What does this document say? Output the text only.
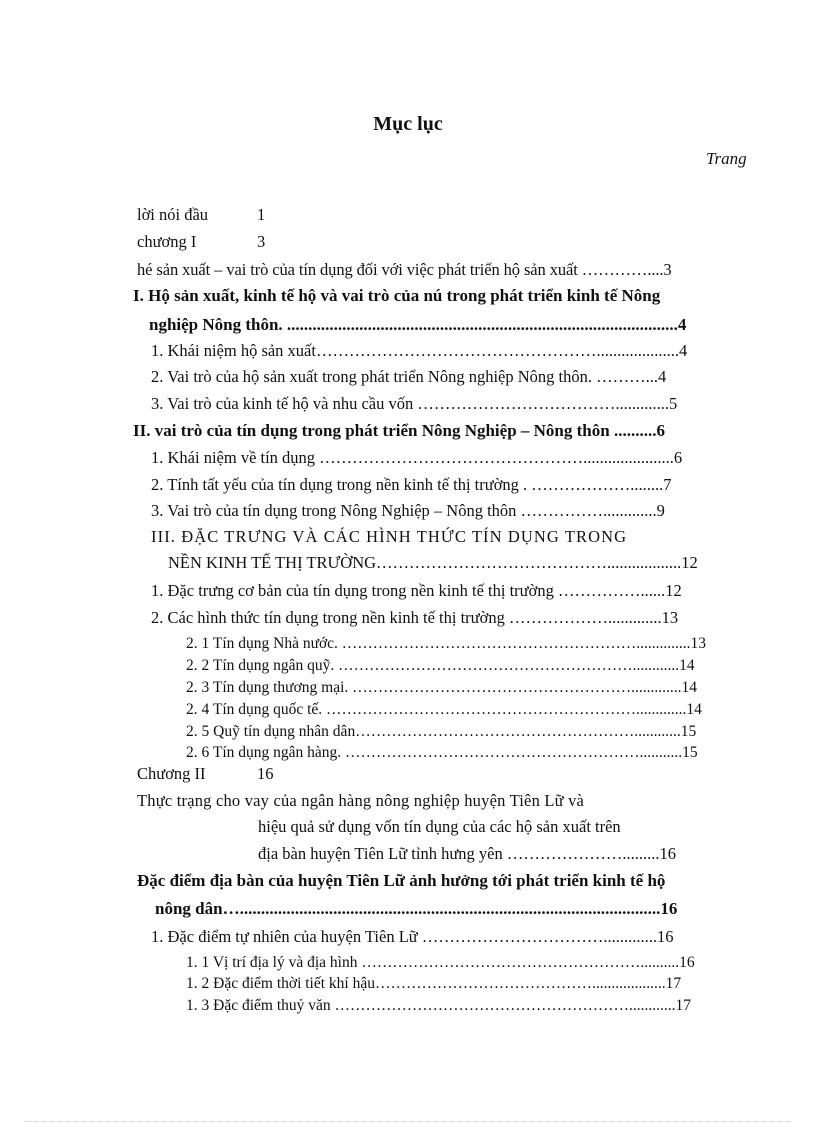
Mục lục
Trang
lời nói đầu	1
chương I	3
hé sản xuất – vai trò của tín dụng đối với việc phát triển hộ sản xuất …………....3
I. Hộ sản xuất, kinh tế hộ và vai trò của nú trong phát triển kinh tế Nông
nghiệp Nông thôn. ............................................................................................4
1. Khái niệm hộ sản xuất……………………………………………....................4
2. Vai trò của hộ sản xuất trong phát triển Nông nghiệp Nông thôn. ………...4
3. Vai trò của kinh tế hộ và nhu cầu vốn ……………………………….............5
II. vai trò của tín dụng trong phát triển Nông Nghiệp – Nông thôn ..........6
1. Khái niệm về tín dụng …………………………………………......................6
2. Tính tất yếu của tín dụng trong nền kinh tế thị trường . ………………........7
3. Vai trò của tín dụng trong Nông Nghiệp – Nông thôn …………….............9
III. ĐẶC TRƯNG VÀ CÁC HÌNH THỨC TÍN DỤNG TRONG
NỀN KINH TẾ THỊ TRƯỜNG……………………………………..................12
1. Đặc trưng cơ bản của tín dụng trong nền kinh tế thị trường ……………......12
2. Các hình thức tín dụng trong nền kinh tế thị trường ……………….............13
2. 1 Tín dụng Nhà nước. …………………………………………………..............13
2. 2 Tín dụng ngân quỹ. …………………………………………………............14
2. 3 Tín dụng thương mại. ……………………………………………….............14
2. 4 Tín dụng quốc tế. …………………………………………………….............14
2. 5 Quỹ tín dụng nhân dân………………………………………………............15
2. 6 Tín dụng ngân hàng. …………………………………………………...........15
Chương II	16
Thực trạng cho vay của ngân hàng nông nghiệp huyện Tiên Lữ và
hiệu quả sử dụng vốn tín dụng của các hộ sản xuất trên
địa bàn huyện Tiên Lữ tỉnh hưng yên ………………….........16
Đặc điểm địa bàn của huyện Tiên Lữ ảnh hưởng tới phát triển kinh tế hộ
nông dân…...................................................................................................16
1. Đặc điểm tự nhiên của huyện Tiên Lữ …………………………….............16
1. 1 Vị trí địa lý và địa hình ………………………………………………..........16
1. 2 Đặc điểm thời tiết khí hậu……………………………………...................17
1. 3 Đặc điểm thuỷ văn …………………………………………………............17
